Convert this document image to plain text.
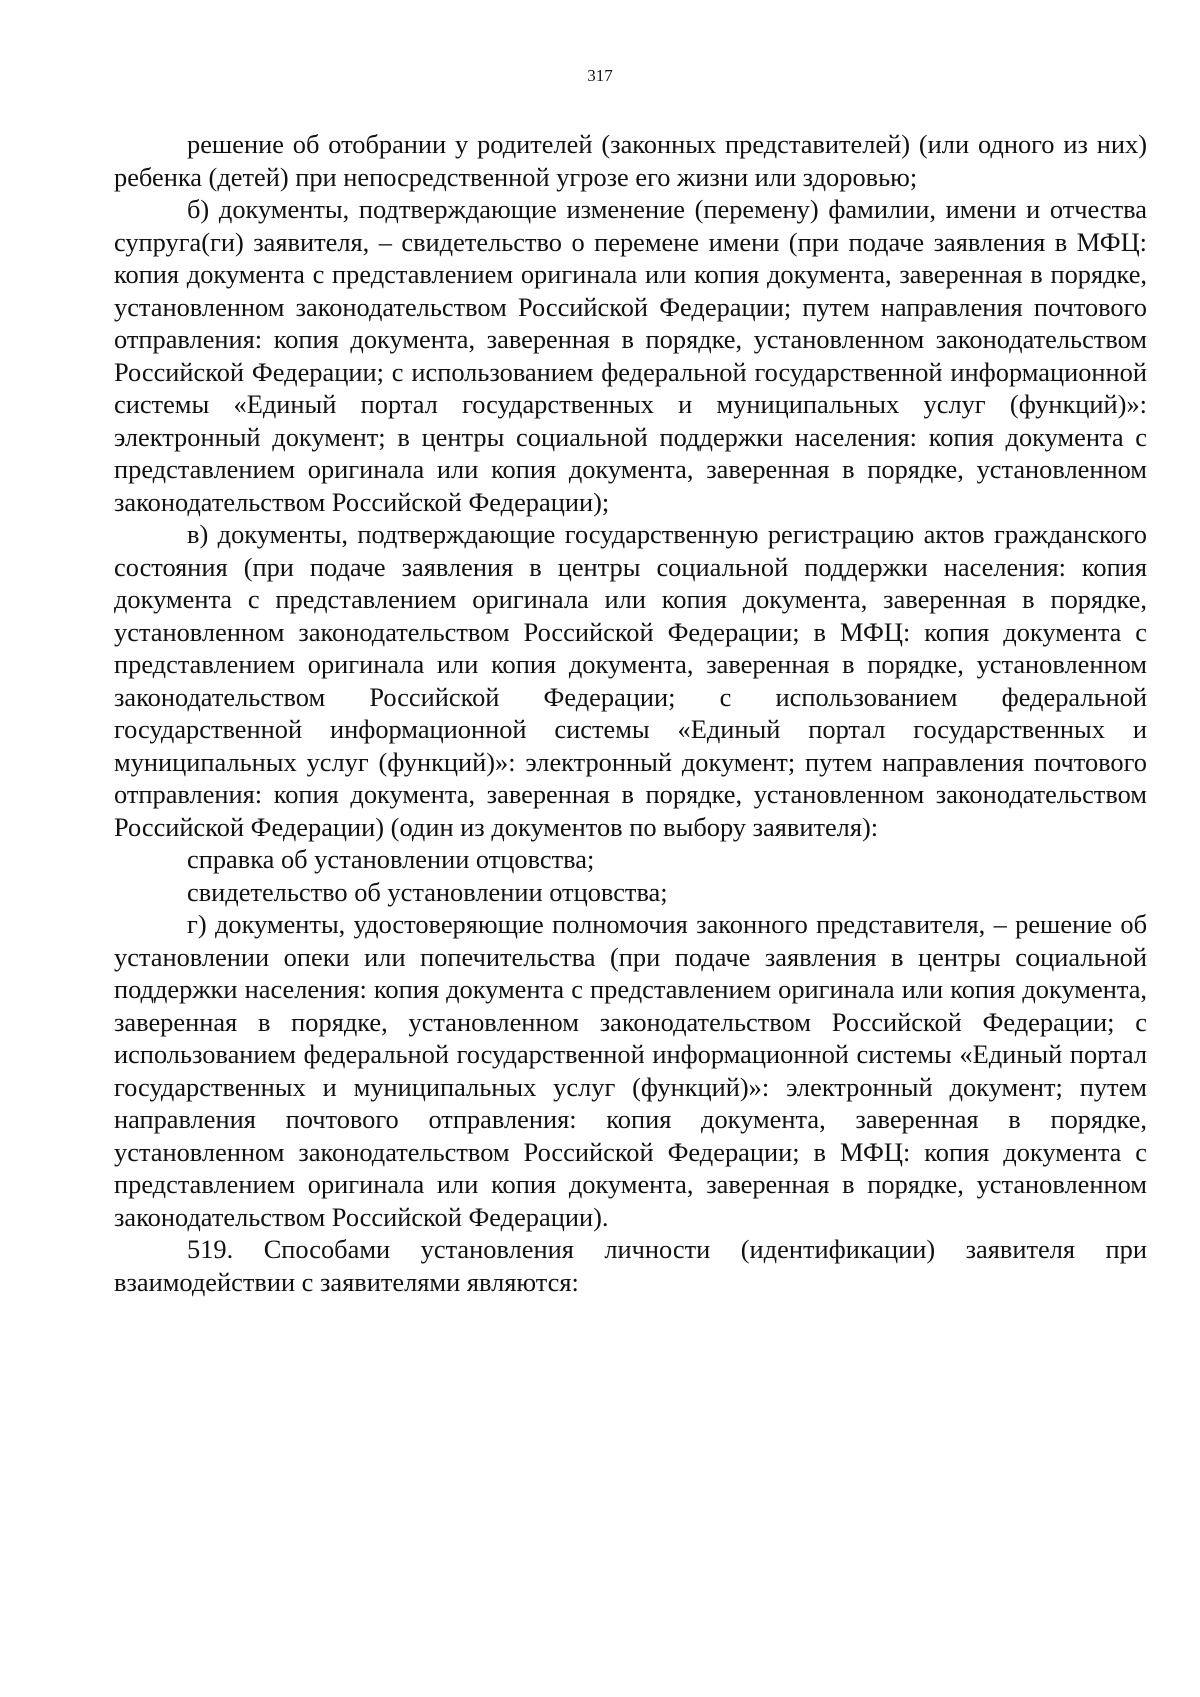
317

решение об отобрании у родителей (законных представителей) (или одного из них) ребенка (детей) при непосредственной угрозе его жизни или здоровью;

б) документы, подтверждающие изменение (перемену) фамилии, имени и отчества супруга(ги) заявителя, – свидетельство о перемене имени (при подаче заявления в МФЦ: копия документа с представлением оригинала или копия документа, заверенная в порядке, установленном законодательством Российской Федерации; путем направления почтового отправления: копия документа, заверенная в порядке, установленном законодательством Российской Федерации; с использованием федеральной государственной информационной системы «Единый портал государственных и муниципальных услуг (функций)»: электронный документ; в центры социальной поддержки населения: копия документа с представлением оригинала или копия документа, заверенная в порядке, установленном законодательством Российской Федерации);

в) документы, подтверждающие государственную регистрацию актов гражданского состояния (при подаче заявления в центры социальной поддержки населения: копия документа с представлением оригинала или копия документа, заверенная в порядке, установленном законодательством Российской Федерации; в МФЦ: копия документа с представлением оригинала или копия документа, заверенная в порядке, установленном законодательством Российской Федерации; с использованием федеральной государственной информационной системы «Единый портал государственных и муниципальных услуг (функций)»: электронный документ; путем направления почтового отправления: копия документа, заверенная в порядке, установленном законодательством Российской Федерации) (один из документов по выбору заявителя):

справка об установлении отцовства;

свидетельство об установлении отцовства;

г) документы, удостоверяющие полномочия законного представителя, – решение об установлении опеки или попечительства (при подаче заявления в центры социальной поддержки населения: копия документа с представлением оригинала или копия документа, заверенная в порядке, установленном законодательством Российской Федерации; с использованием федеральной государственной информационной системы «Единый портал государственных и муниципальных услуг (функций)»: электронный документ; путем направления почтового отправления: копия документа, заверенная в порядке, установленном законодательством Российской Федерации; в МФЦ: копия документа с представлением оригинала или копия документа, заверенная в порядке, установленном законодательством Российской Федерации).

519. Способами установления личности (идентификации) заявителя при взаимодействии с заявителями являются:
